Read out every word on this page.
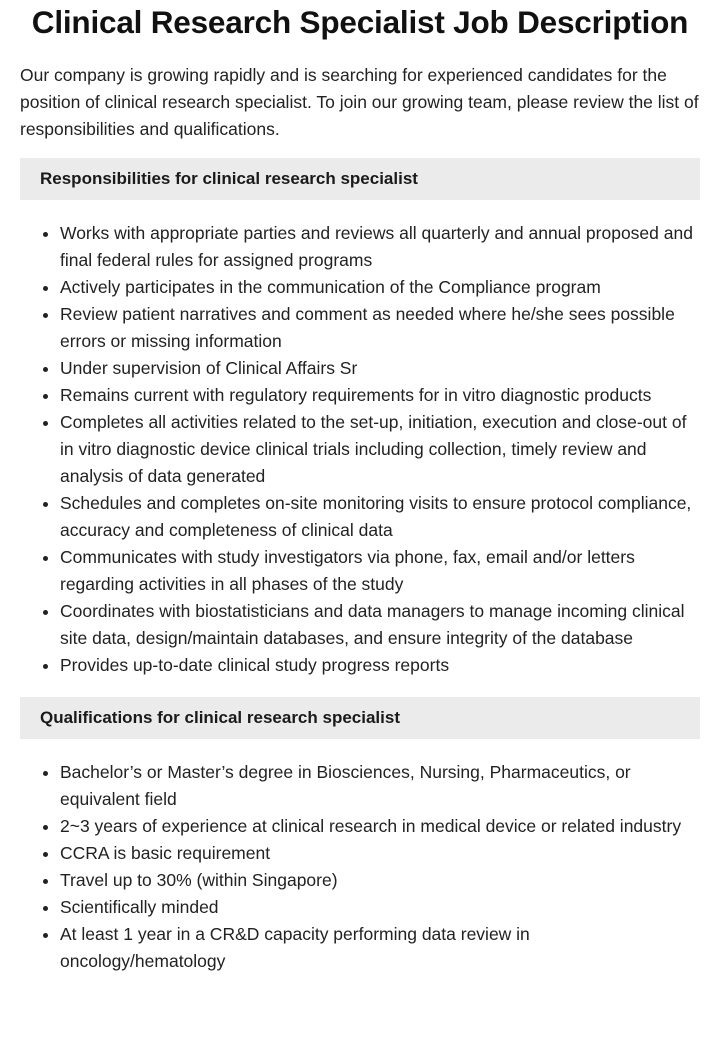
Clinical Research Specialist Job Description

Our company is growing rapidly and is searching for experienced candidates for the position of clinical research specialist. To join our growing team, please review the list of responsibilities and qualifications.

Responsibilities for clinical research specialist
• Works with appropriate parties and reviews all quarterly and annual proposed and final federal rules for assigned programs
• Actively participates in the communication of the Compliance program
• Review patient narratives and comment as needed where he/she sees possible errors or missing information
• Under supervision of Clinical Affairs Sr
• Remains current with regulatory requirements for in vitro diagnostic products
• Completes all activities related to the set-up, initiation, execution and close-out of in vitro diagnostic device clinical trials including collection, timely review and analysis of data generated
• Schedules and completes on-site monitoring visits to ensure protocol compliance, accuracy and completeness of clinical data
• Communicates with study investigators via phone, fax, email and/or letters regarding activities in all phases of the study
• Coordinates with biostatisticians and data managers to manage incoming clinical site data, design/maintain databases, and ensure integrity of the database
• Provides up-to-date clinical study progress reports
Qualifications for clinical research specialist
• Bachelor’s or Master’s degree in Biosciences, Nursing, Pharmaceutics, or equivalent field
• 2~3 years of experience at clinical research in medical device or related industry
• CCRA is basic requirement
• Travel up to 30% (within Singapore)
• Scientifically minded
• At least 1 year in a CR&D capacity performing data review in oncology/hematology
